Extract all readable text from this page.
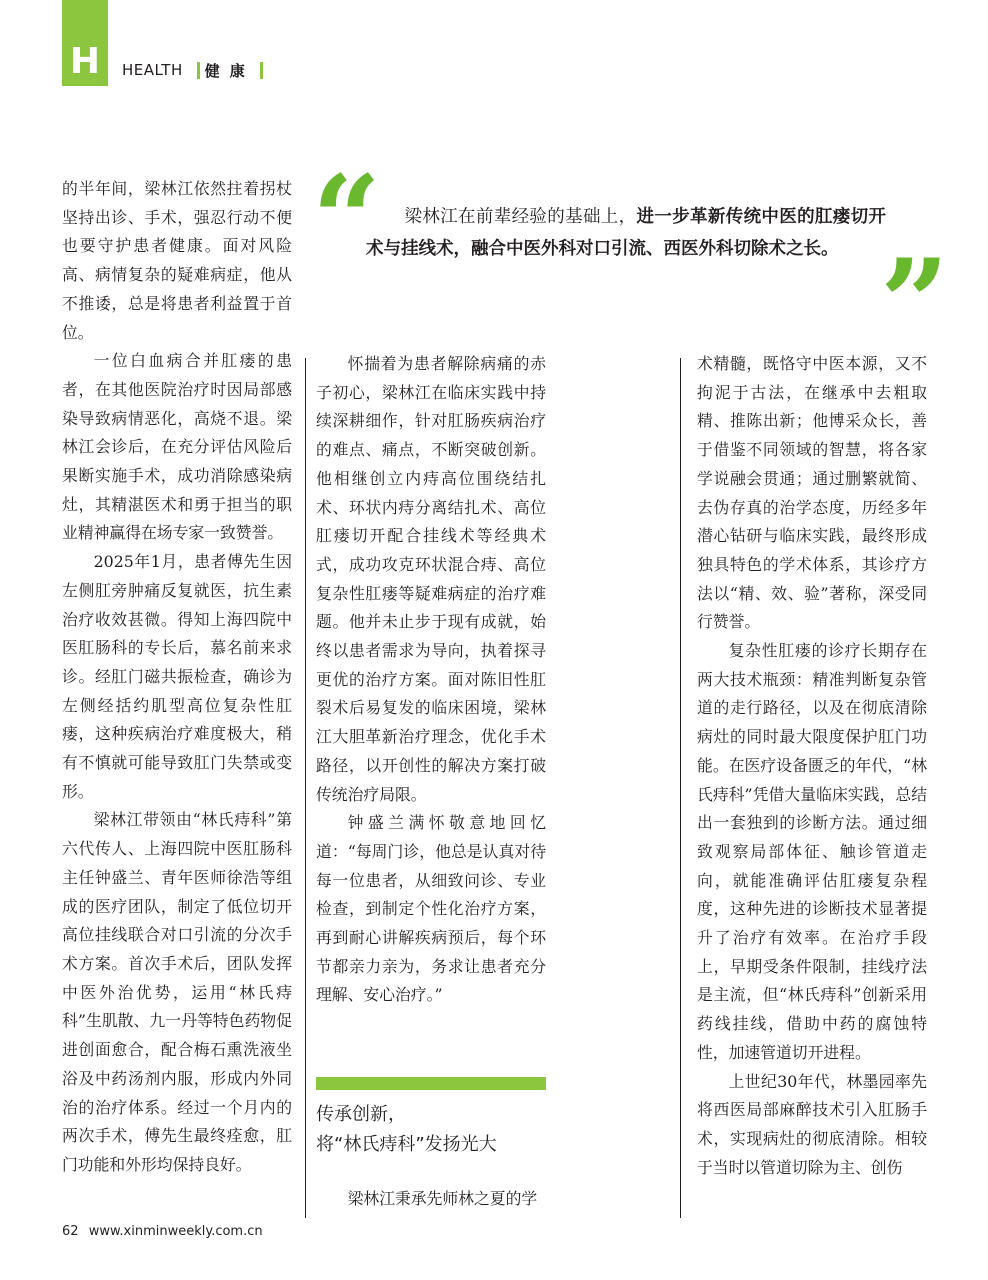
H	HEALTH 健康
“	梁林江在前辈经验的基础上，进一步革新传统中医的肛瘘切开术与挂线术，融合中医外科对口引流、西医外科切除术之长。 ”

的半年间，梁林江依然拄着拐杖坚持出诊、手术，强忍行动不便也要守护患者健康。面对风险高、病情复杂的疑难病症，他从不推诿，总是将患者利益置于首位。

一位白血病合并肛瘘的患者，在其他医院治疗时因局部感染导致病情恶化，高烧不退。梁林江会诊后，在充分评估风险后果断实施手术，成功消除感染病灶，其精湛医术和勇于担当的职业精神赢得在场专家一致赞誉。

2025年1月，患者傅先生因左侧肛旁肿痛反复就医，抗生素治疗收效甚微。得知上海四院中医肛肠科的专长后，慕名前来求诊。经肛门磁共振检查，确诊为左侧经括约肌型高位复杂性肛瘘，这种疾病治疗难度极大，稍有不慎就可能导致肛门失禁或变形。

梁林江带领由“林氏痔科”第六代传人、上海四院中医肛肠科主任钟盛兰、青年医师徐浩等组成的医疗团队，制定了低位切开高位挂线联合对口引流的分次手术方案。首次手术后，团队发挥中医外治优势，运用“林氏痔科”生肌散、九一丹等特色药物促进创面愈合，配合梅石熏洗液坐浴及中药汤剂内服，形成内外同治的治疗体系。经过一个月内的两次手术，傅先生最终痊愈，肛门功能和外形均保持良好。

怀揣着为患者解除病痛的赤子初心，梁林江在临床实践中持续深耕细作，针对肛肠疾病治疗的难点、痛点，不断突破创新。他相继创立内痔高位围绕结扎术、环状内痔分离结扎术、高位肛瘘切开配合挂线术等经典术式，成功攻克环状混合痔、高位复杂性肛瘘等疑难病症的治疗难题。他并未止步于现有成就，始终以患者需求为导向，执着探寻更优的治疗方案。面对陈旧性肛裂术后易复发的临床困境，梁林江大胆革新治疗理念，优化手术路径，以开创性的解决方案打破传统治疗局限。

钟盛兰满怀敬意地回忆道：“每周门诊，他总是认真对待每一位患者，从细致问诊、专业检查，到制定个性化治疗方案，再到耐心讲解疾病预后，每个环节都亲力亲为，务求让患者充分理解、安心治疗。”

传承创新，
将“林氏痔科”发扬光大

梁林江秉承先师林之夏的学

术精髓，既恪守中医本源，又不拘泥于古法，在继承中去粗取精、推陈出新；他博采众长，善于借鉴不同领域的智慧，将各家学说融会贯通；通过删繁就简、去伪存真的治学态度，历经多年潜心钻研与临床实践，最终形成独具特色的学术体系，其诊疗方法以“精、效、验”著称，深受同行赞誉。

复杂性肛瘘的诊疗长期存在两大技术瓶颈：精准判断复杂管道的走行路径，以及在彻底清除病灶的同时最大限度保护肛门功能。在医疗设备匮乏的年代，“林氏痔科”凭借大量临床实践，总结出一套独到的诊断方法。通过细致观察局部体征、触诊管道走向，就能准确评估肛瘘复杂程度，这种先进的诊断技术显著提升了治疗有效率。在治疗手段上，早期受条件限制，挂线疗法是主流，但“林氏痔科”创新采用药线挂线，借助中药的腐蚀特性，加速管道切开进程。

上世纪30年代，林墨园率先将西医局部麻醉技术引入肛肠手术，实现病灶的彻底清除。相较于当时以管道切除为主、创伤

62 www.xinminweekly.com.cn
